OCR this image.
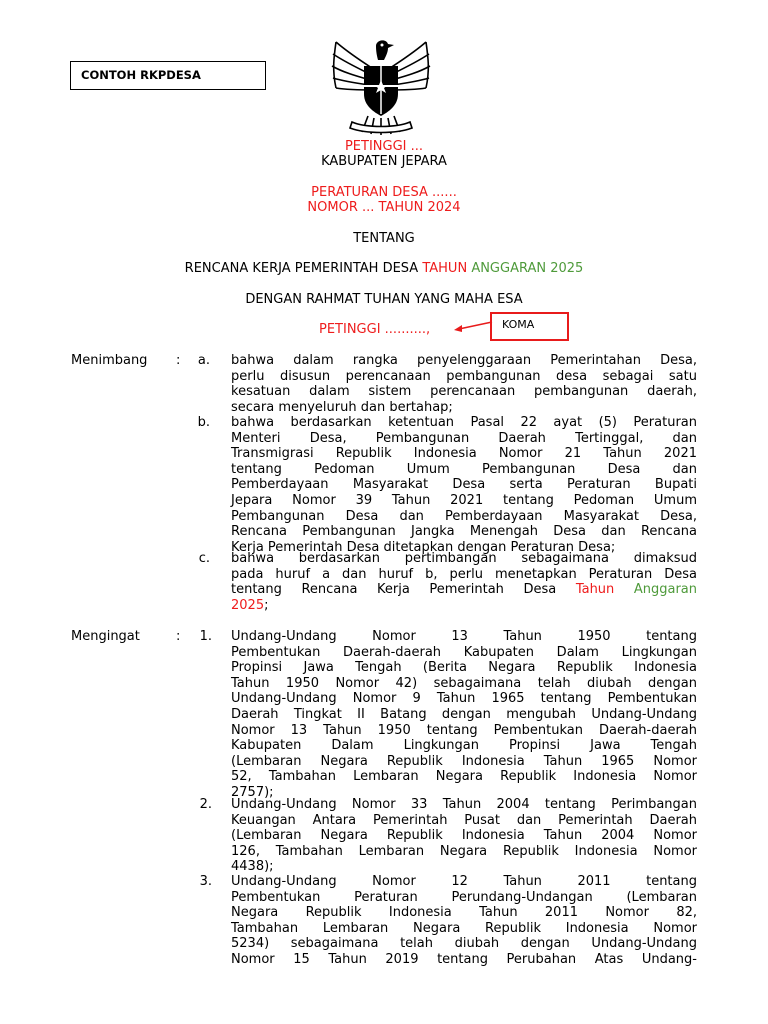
CONTOH RKPDESA
PETINGGI ...
KABUPATEN JEPARA
PERATURAN DESA ......
NOMOR ... TAHUN 2024
TENTANG
RENCANA KERJA PEMERINTAH DESA TAHUN ANGGARAN 2025
DENGAN RAHMAT TUHAN YANG MAHA ESA
PETINGGI ..........,	KOMA
Menimbang :	a. bahwa dalam rangka penyelenggaraan Pemerintahan Desa,
perlu disusun perencanaan pembangunan desa sebagai satu
kesatuan dalam sistem perencanaan pembangunan daerah,
secara menyeluruh dan bertahap;
b. bahwa berdasarkan ketentuan Pasal 22 ayat (5) Peraturan
Menteri Desa, Pembangunan Daerah Tertinggal, dan
Transmigrasi Republik Indonesia Nomor 21 Tahun 2021
tentang Pedoman Umum Pembangunan Desa dan
Pemberdayaan Masyarakat Desa serta Peraturan Bupati
Jepara Nomor 39 Tahun 2021 tentang Pedoman Umum
Pembangunan Desa dan Pemberdayaan Masyarakat Desa,
Rencana Pembangunan Jangka Menengah Desa dan Rencana
Kerja Pemerintah Desa ditetapkan dengan Peraturan Desa;
c. bahwa berdasarkan pertimbangan sebagaimana dimaksud
pada huruf a dan huruf b, perlu menetapkan Peraturan Desa
tentang Rencana Kerja Pemerintah Desa Tahun Anggaran
2025;
Mengingat	:	1. Undang-Undang Nomor 13 Tahun 1950 tentang
Pembentukan Daerah-daerah Kabupaten Dalam Lingkungan
Propinsi Jawa Tengah (Berita Negara Republik Indonesia
Tahun 1950 Nomor 42) sebagaimana telah diubah dengan
Undang-Undang Nomor 9 Tahun 1965 tentang Pembentukan
Daerah Tingkat II Batang dengan mengubah Undang-Undang
Nomor 13 Tahun 1950 tentang Pembentukan Daerah-daerah
Kabupaten Dalam Lingkungan Propinsi Jawa Tengah
(Lembaran Negara Republik Indonesia Tahun 1965 Nomor
52, Tambahan Lembaran Negara Republik Indonesia Nomor
2757);
2. Undang-Undang Nomor 33 Tahun 2004 tentang Perimbangan
Keuangan Antara Pemerintah Pusat dan Pemerintah Daerah
(Lembaran Negara Republik Indonesia Tahun 2004 Nomor
126, Tambahan Lembaran Negara Republik Indonesia Nomor
4438);
3. Undang-Undang Nomor 12 Tahun 2011 tentang
Pembentukan Peraturan Perundang-Undangan (Lembaran
Negara Republik Indonesia Tahun 2011 Nomor 82,
Tambahan Lembaran Negara Republik Indonesia Nomor
5234) sebagaimana telah diubah dengan Undang-Undang
Nomor 15 Tahun 2019 tentang Perubahan Atas Undang-
